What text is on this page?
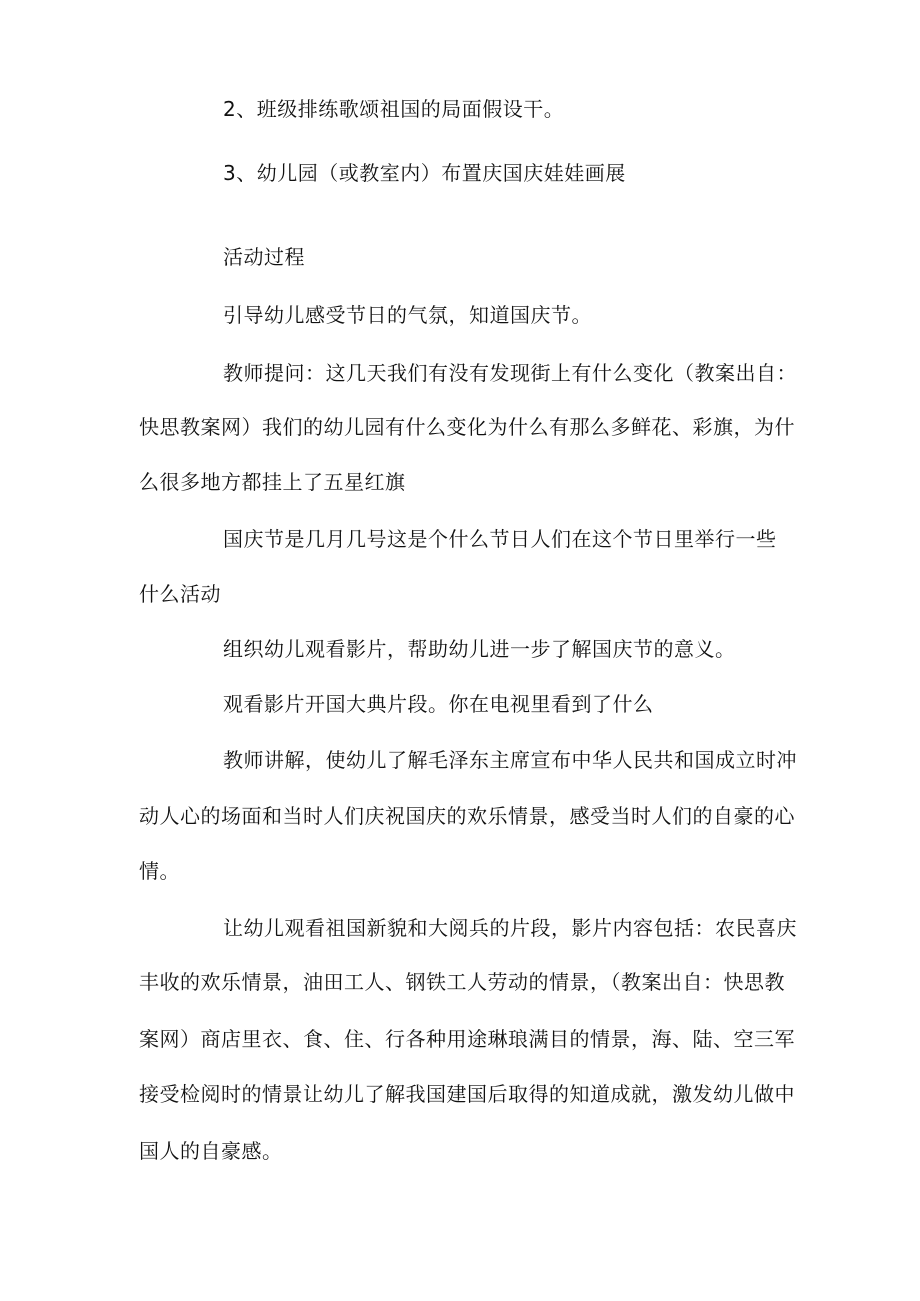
2、班级排练歌颂祖国的局面假设干。
3、幼儿园（或教室内）布置庆国庆娃娃画展
活动过程
引导幼儿感受节日的气氛，知道国庆节。
教师提问：这几天我们有没有发现街上有什么变化（教案出自：
快思教案网）我们的幼儿园有什么变化为什么有那么多鲜花、彩旗，为什
么很多地方都挂上了五星红旗
国庆节是几月几号这是个什么节日人们在这个节日里举行一些
什么活动
组织幼儿观看影片，帮助幼儿进一步了解国庆节的意义。
观看影片开国大典片段。你在电视里看到了什么
教师讲解，使幼儿了解毛泽东主席宣布中华人民共和国成立时冲
动人心的场面和当时人们庆祝国庆的欢乐情景，感受当时人们的自豪的心
情。
让幼儿观看祖国新貌和大阅兵的片段，影片内容包括：农民喜庆
丰收的欢乐情景，油田工人、钢铁工人劳动的情景，（教案出自：快思教
案网）商店里衣、食、住、行各种用途琳琅满目的情景，海、陆、空三军
接受检阅时的情景让幼儿了解我国建国后取得的知道成就，激发幼儿做中
国人的自豪感。
